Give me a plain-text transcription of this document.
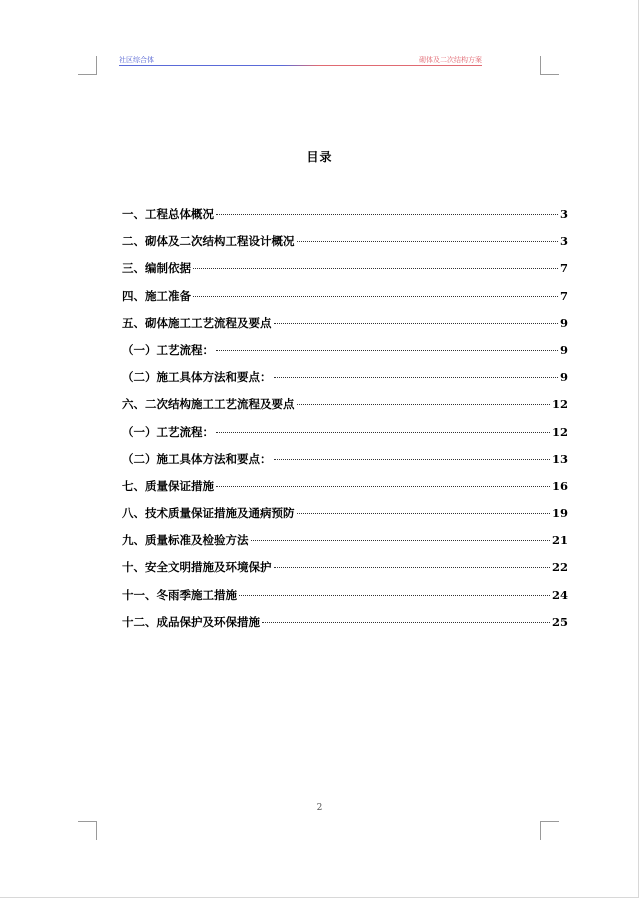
社区综合体	砌体及二次结构方案
目录
一、工程总体概况	3
二、砌体及二次结构工程设计概况	3
三、编制依据	7
四、施工准备	7
五、砌体施工工艺流程及要点	9
（一）工艺流程：	9
（二）施工具体方法和要点：	9
六、二次结构施工工艺流程及要点	12
（一）工艺流程：	12
（二）施工具体方法和要点：	13
七、质量保证措施	16
八、技术质量保证措施及通病预防	19
九、质量标准及检验方法	21
十、安全文明措施及环境保护	22
十一、冬雨季施工措施	24
十二、成品保护及环保措施	25
2
